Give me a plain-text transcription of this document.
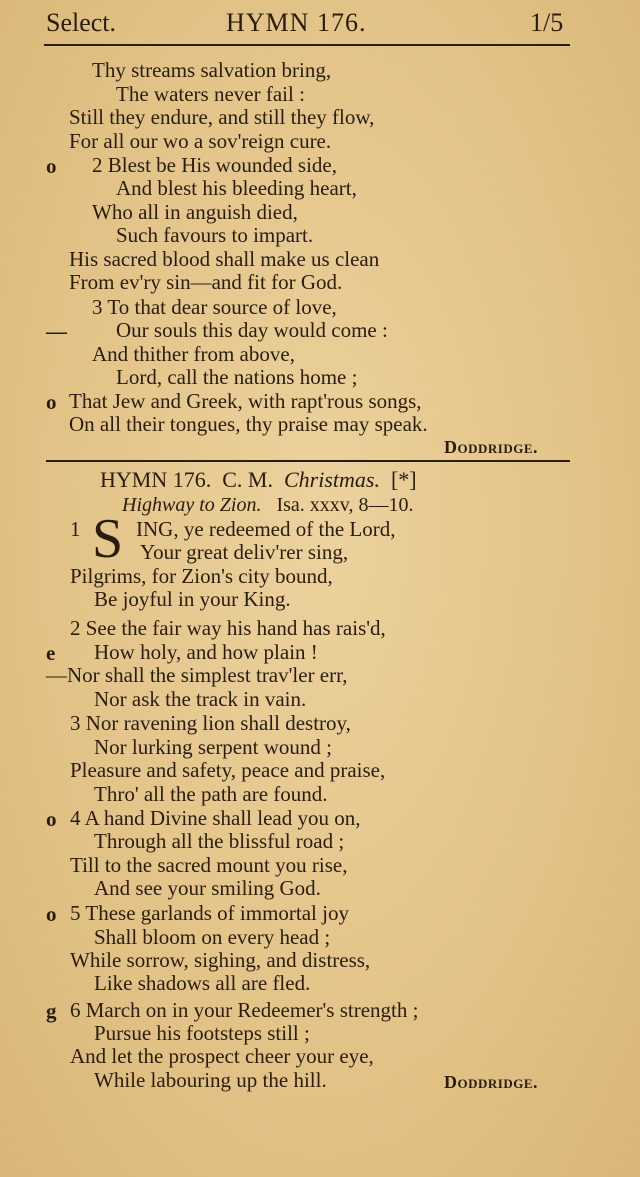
Select.	HYMN 176.	1/5
Thy streams salvation bring,
The waters never fail :
Still they endure, and still they flow,
For all our wo a sov'reign cure.
o 2 Blest be His wounded side,
And blest his bleeding heart,
Who all in anguish died,
Such favours to impart.
His sacred blood shall make us clean
From ev'ry sin—and fit for God.
3 To that dear source of love,
— Our souls this day would come :
And thither from above,
Lord, call the nations home ;
o That Jew and Greek, with rapt'rous songs,
On all their tongues, thy praise may speak.
Doddridge.
HYMN 176. C. M. Christmas. [*]
Highway to Zion. Isa. xxxv, 8—10.
1 S ING, ye redeemed of the Lord,
Your great deliv'rer sing,
Pilgrims, for Zion's city bound,
Be joyful in your King.
2 See the fair way his hand has rais'd,
e How holy, and how plain !
—Nor shall the simplest trav'ler err,
Nor ask the track in vain.
3 Nor ravening lion shall destroy,
Nor lurking serpent wound ;
Pleasure and safety, peace and praise,
Thro' all the path are found.
o 4 A hand Divine shall lead you on,
Through all the blissful road ;
Till to the sacred mount you rise,
And see your smiling God.
o 5 These garlands of immortal joy
Shall bloom on every head ;
While sorrow, sighing, and distress,
Like shadows all are fled.
g 6 March on in your Redeemer's strength ;
Pursue his footsteps still ;
And let the prospect cheer your eye,
While labouring up the hill.	Doddridge.
